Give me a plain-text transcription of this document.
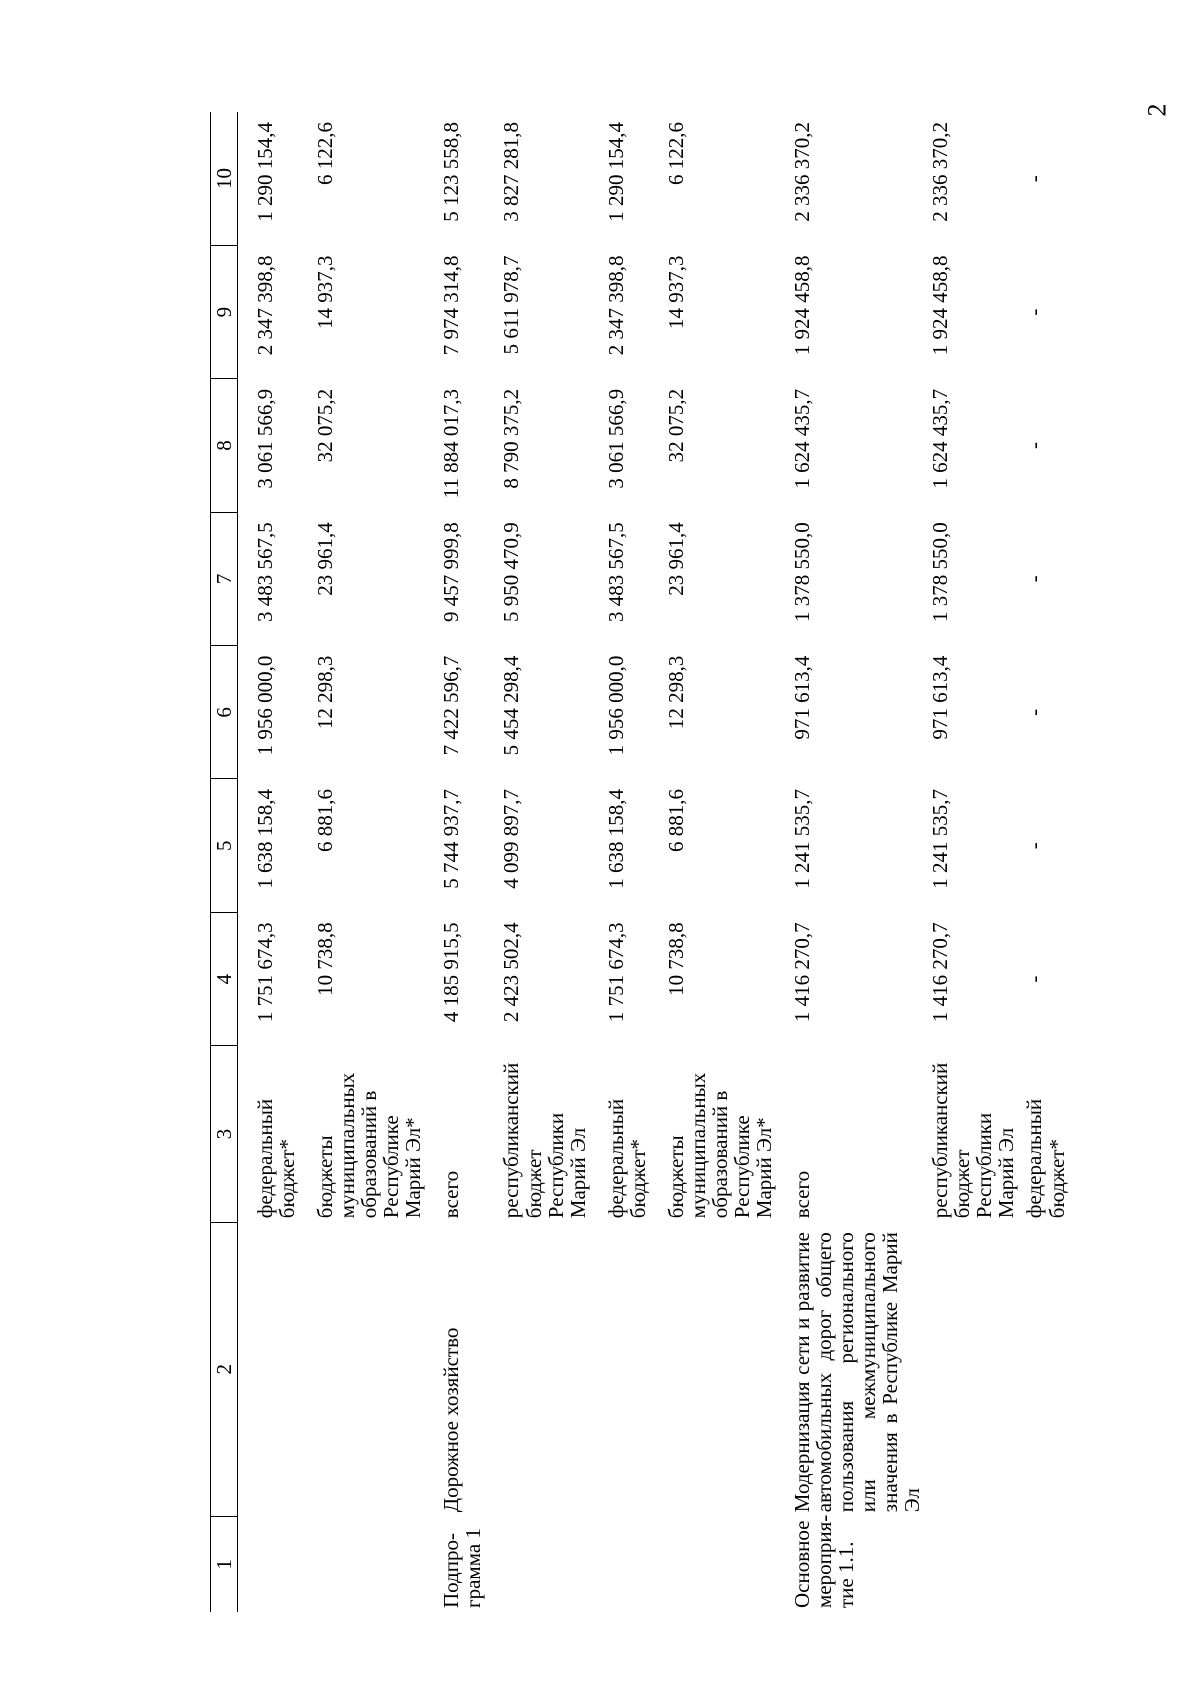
2
1	2	3	4	5	6	7	8	9	10
		федеральный бюджет*	1 751 674,3	1 638 158,4	1 956 000,0	3 483 567,5	3 061 566,9	2 347 398,8	1 290 154,4
		бюджеты муниципальных образований в Республике Марий Эл*	10 738,8	6 881,6	12 298,3	23 961,4	32 075,2	14 937,3	6 122,6
Подпро-грамма 1	Дорожное хозяйство	всего	4 185 915,5	5 744 937,7	7 422 596,7	9 457 999,8	11 884 017,3	7 974 314,8	5 123 558,8
		республиканский бюджет Республики Марий Эл	2 423 502,4	4 099 897,7	5 454 298,4	5 950 470,9	8 790 375,2	5 611 978,7	3 827 281,8
		федеральный бюджет*	1 751 674,3	1 638 158,4	1 956 000,0	3 483 567,5	3 061 566,9	2 347 398,8	1 290 154,4
		бюджеты муниципальных образований в Республике Марий Эл*	10 738,8	6 881,6	12 298,3	23 961,4	32 075,2	14 937,3	6 122,6
Основное мероприя-тие 1.1.	Модернизация сети и развитие автомобильных дорог общего пользования регионального или межмуниципального значения в Республике Марий Эл	всего	1 416 270,7	1 241 535,7	971 613,4	1 378 550,0	1 624 435,7	1 924 458,8	2 336 370,2
		республиканский бюджет Республики Марий Эл	1 416 270,7	1 241 535,7	971 613,4	1 378 550,0	1 624 435,7	1 924 458,8	2 336 370,2
		федеральный бюджет*	-	-	-	-	-	-	-
